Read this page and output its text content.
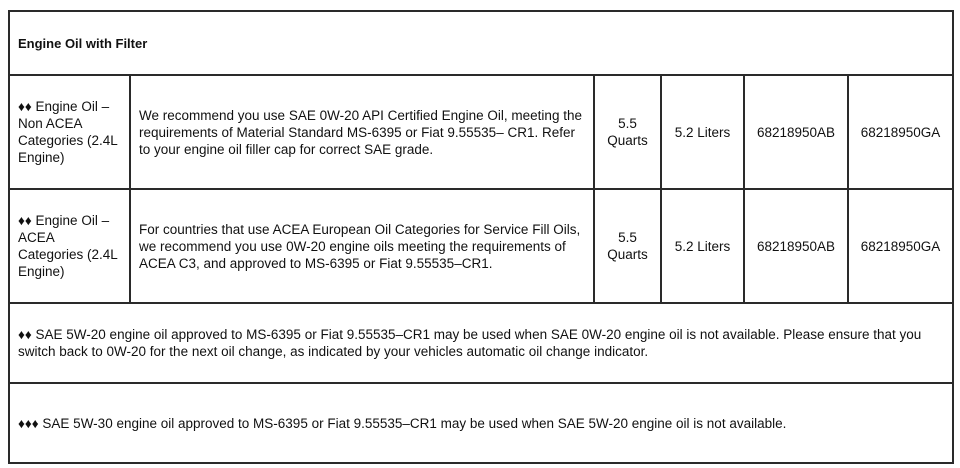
Engine Oil with Filter					
♦♦ Engine Oil – Non ACEA Categories (2.4L Engine)	We recommend you use SAE 0W-20 API Certified Engine Oil, meeting the requirements of Material Standard MS-6395 or Fiat 9.55535– CR1. Refer to your engine oil filler cap for correct SAE grade.	5.5 Quarts	5.2 Liters	68218950AB	68218950GA
♦♦ Engine Oil – ACEA Categories (2.4L Engine)	For countries that use ACEA European Oil Categories for Service Fill Oils, we recommend you use 0W-20 engine oils meeting the requirements of ACEA C3, and approved to MS-6395 or Fiat 9.55535–CR1.	5.5 Quarts	5.2 Liters	68218950AB	68218950GA
♦♦ SAE 5W-20 engine oil approved to MS-6395 or Fiat 9.55535–CR1 may be used when SAE 0W-20 engine oil is not available. Please ensure that you switch back to 0W-20 for the next oil change, as indicated by your vehicles automatic oil change indicator.					
♦♦♦ SAE 5W-30 engine oil approved to MS-6395 or Fiat 9.55535–CR1 may be used when SAE 5W-20 engine oil is not available.					
